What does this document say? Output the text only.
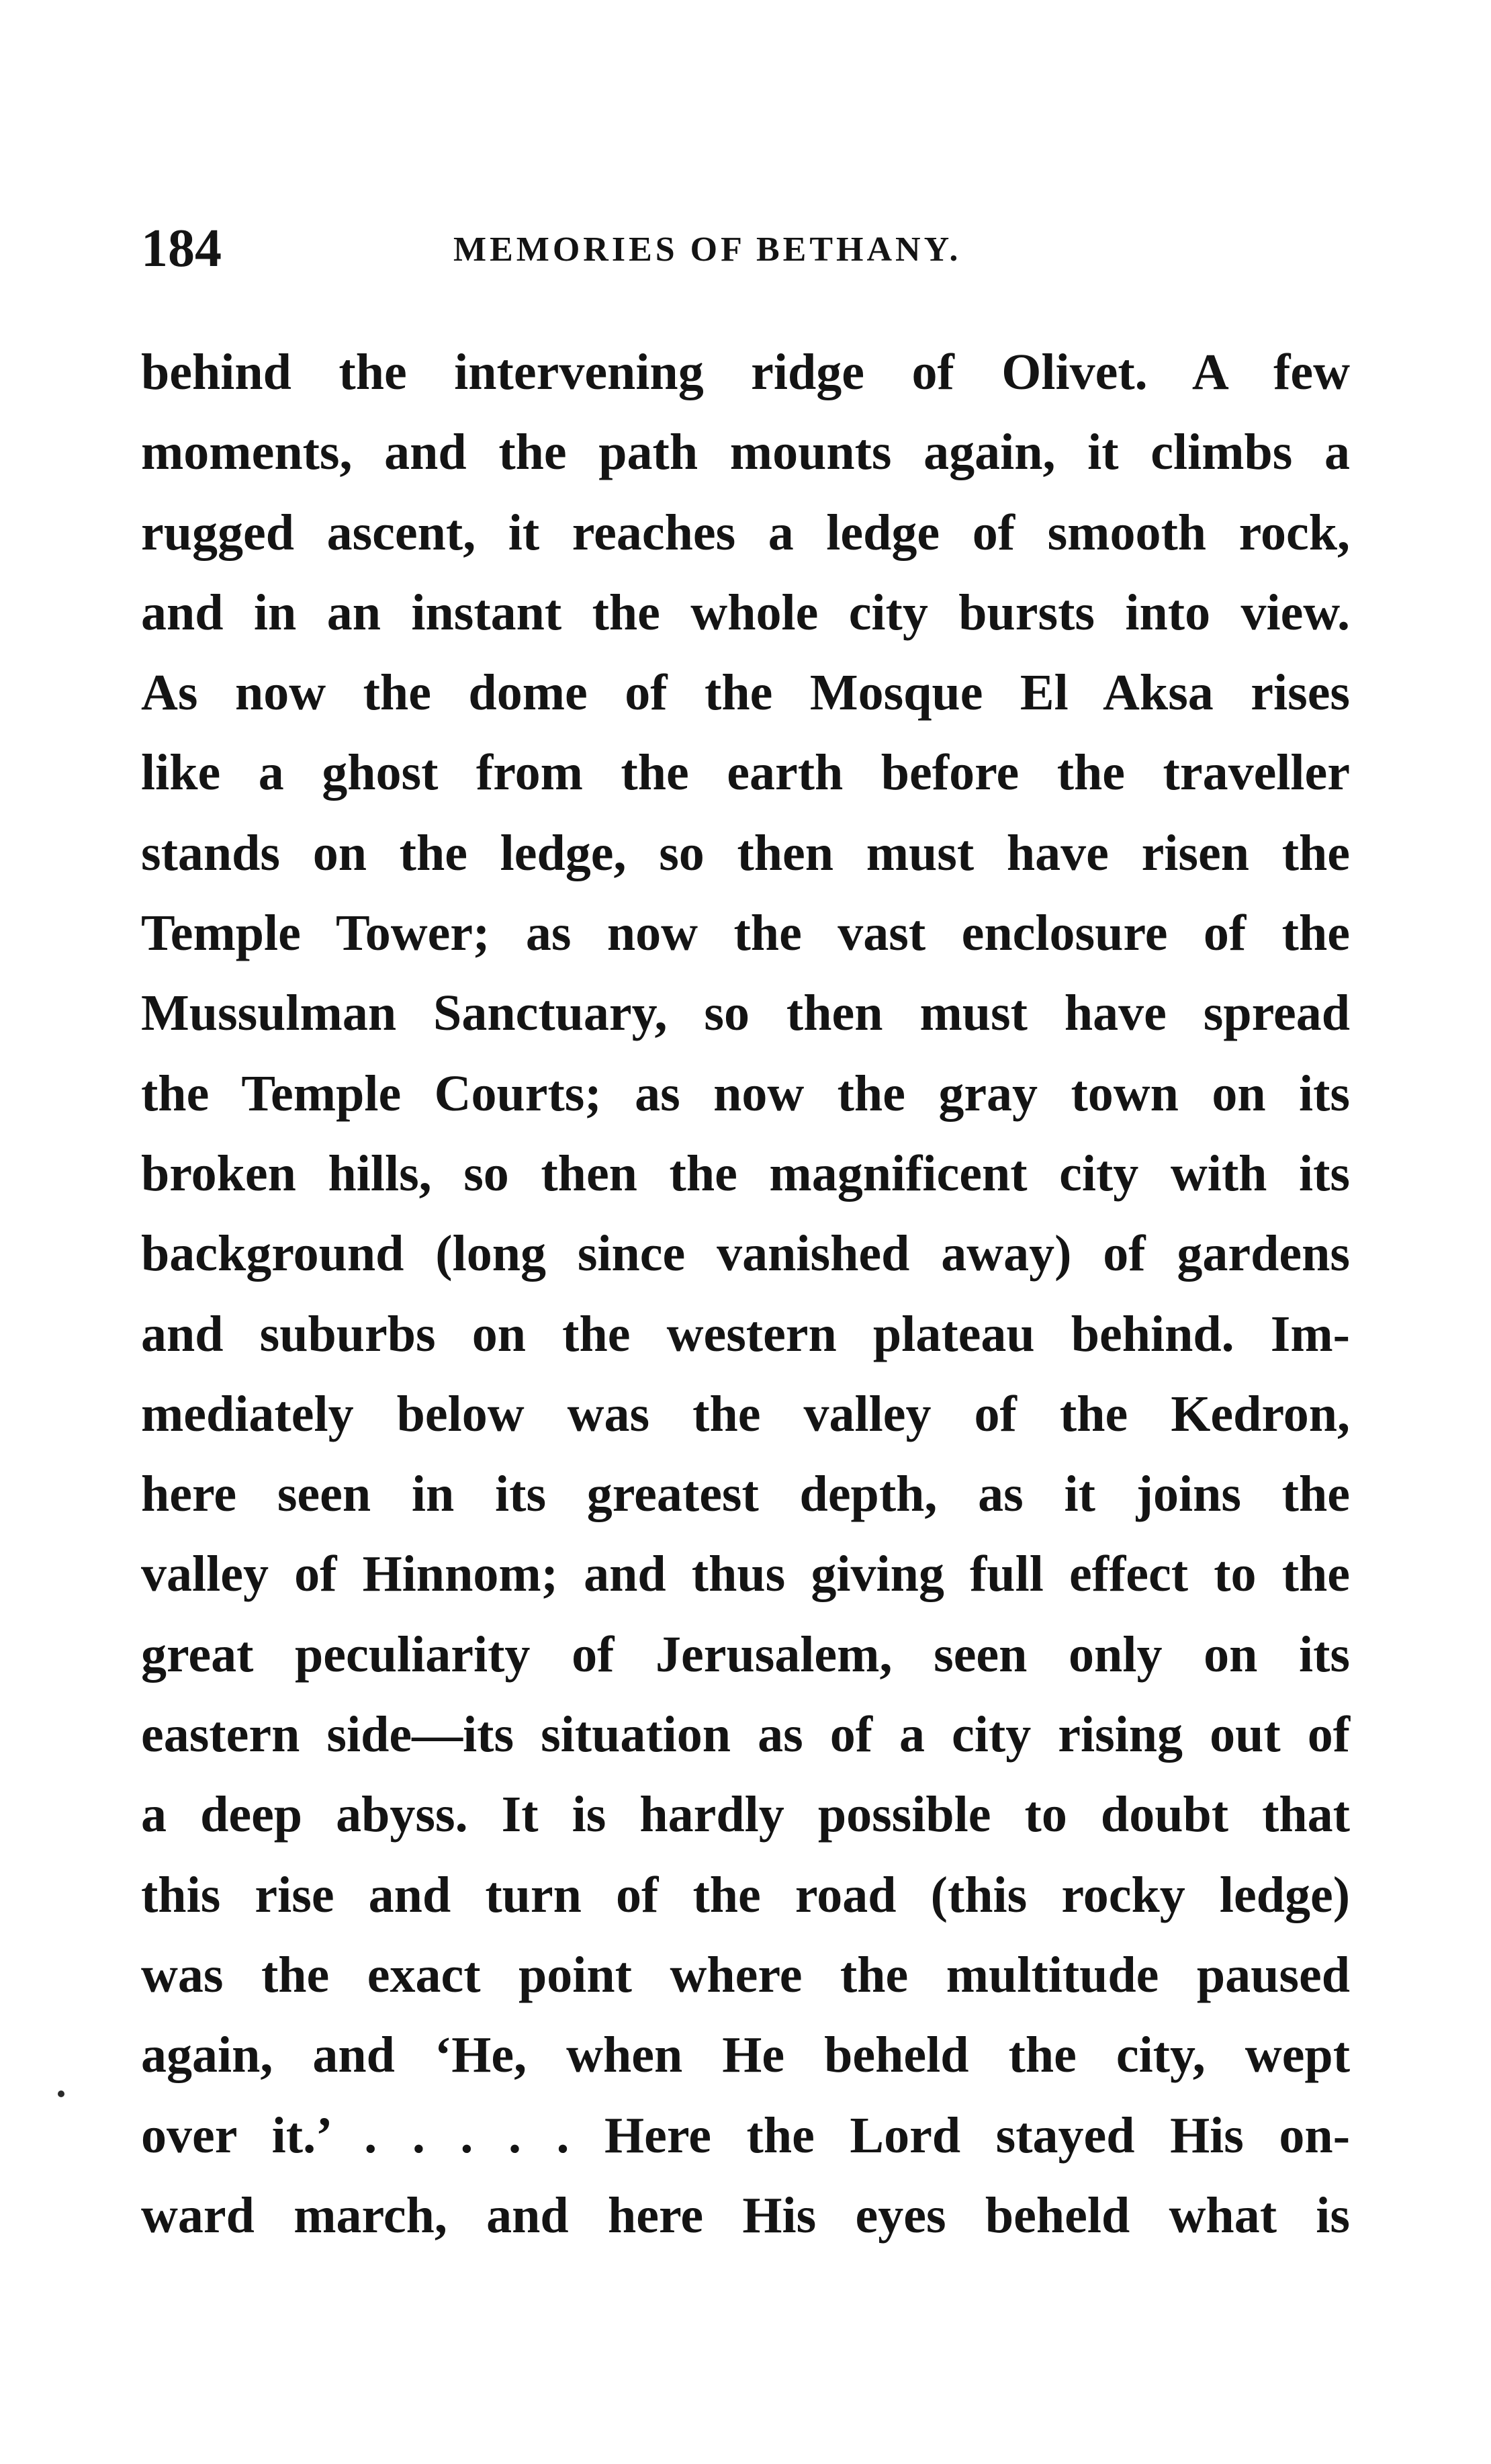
184	MEMORIES OF BETHANY.
behind the intervening ridge of Olivet. A few
moments, and the path mounts again, it climbs a
rugged ascent, it reaches a ledge of smooth rock,
and in an instant the whole city bursts into view.
As now the dome of the Mosque El Aksa rises
like a ghost from the earth before the traveller
stands on the ledge, so then must have risen the
Temple Tower; as now the vast enclosure of the
Mussulman Sanctuary, so then must have spread
the Temple Courts; as now the gray town on its
broken hills, so then the magnificent city with its
background (long since vanished away) of gardens
and suburbs on the western plateau behind. Im-
mediately below was the valley of the Kedron,
here seen in its greatest depth, as it joins the
valley of Hinnom; and thus giving full effect to the
great peculiarity of Jerusalem, seen only on its
eastern side—its situation as of a city rising out of
a deep abyss. It is hardly possible to doubt that
this rise and turn of the road (this rocky ledge)
was the exact point where the multitude paused
again, and ‘He, when He beheld the city, wept
over it.’ . . . . . Here the Lord stayed His on-
ward march, and here His eyes beheld what is
